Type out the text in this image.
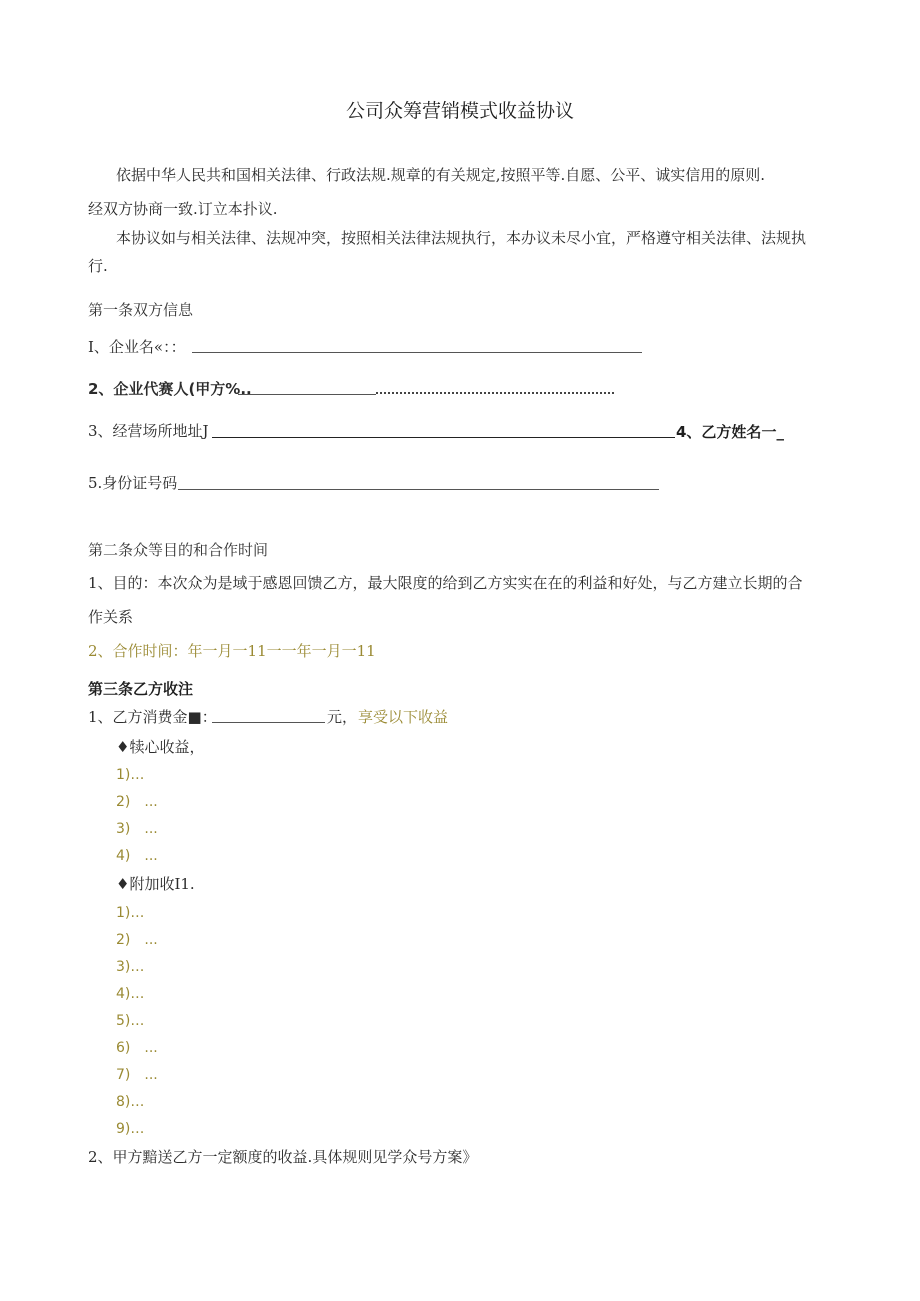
公司众筹营销模式收益协议
依据中华人民共和国相关法律、行政法规.规章的有关规定,按照平等.自愿、公平、诚实信用的原则.
经双方协商一致.订立本扑议.
本协议如与相关法律、法规冲突，按照相关法律法规执行，本办议未尽小宜，严格遵守相关法律、法规执
行.
第一条双方信息
I、企业名«：：
2、企业代赛人(甲方%..
3、经营场所地址J	4、乙方姓名一_
5.身份证号码
第二条众等目的和合作时间
1、目的：本次众为是域于感恩回馈乙方，最大限度的给到乙方实实在在的利益和好处，与乙方建立长期的合
作关系
2、合作时间：年一月一11一一年一月一11
第三条乙方收注
1、乙方消费金■：	元， 享受以下收益
♦犊心收益，
1)…
2)　...
3)　...
4)　...
♦附加收I1.
1)…
2)　...
3)…
4)…
5)…
6)　...
7)　...
8)…
9)…
2、甲方黯送乙方一定额度的收益.具体规则见学众号方案》
